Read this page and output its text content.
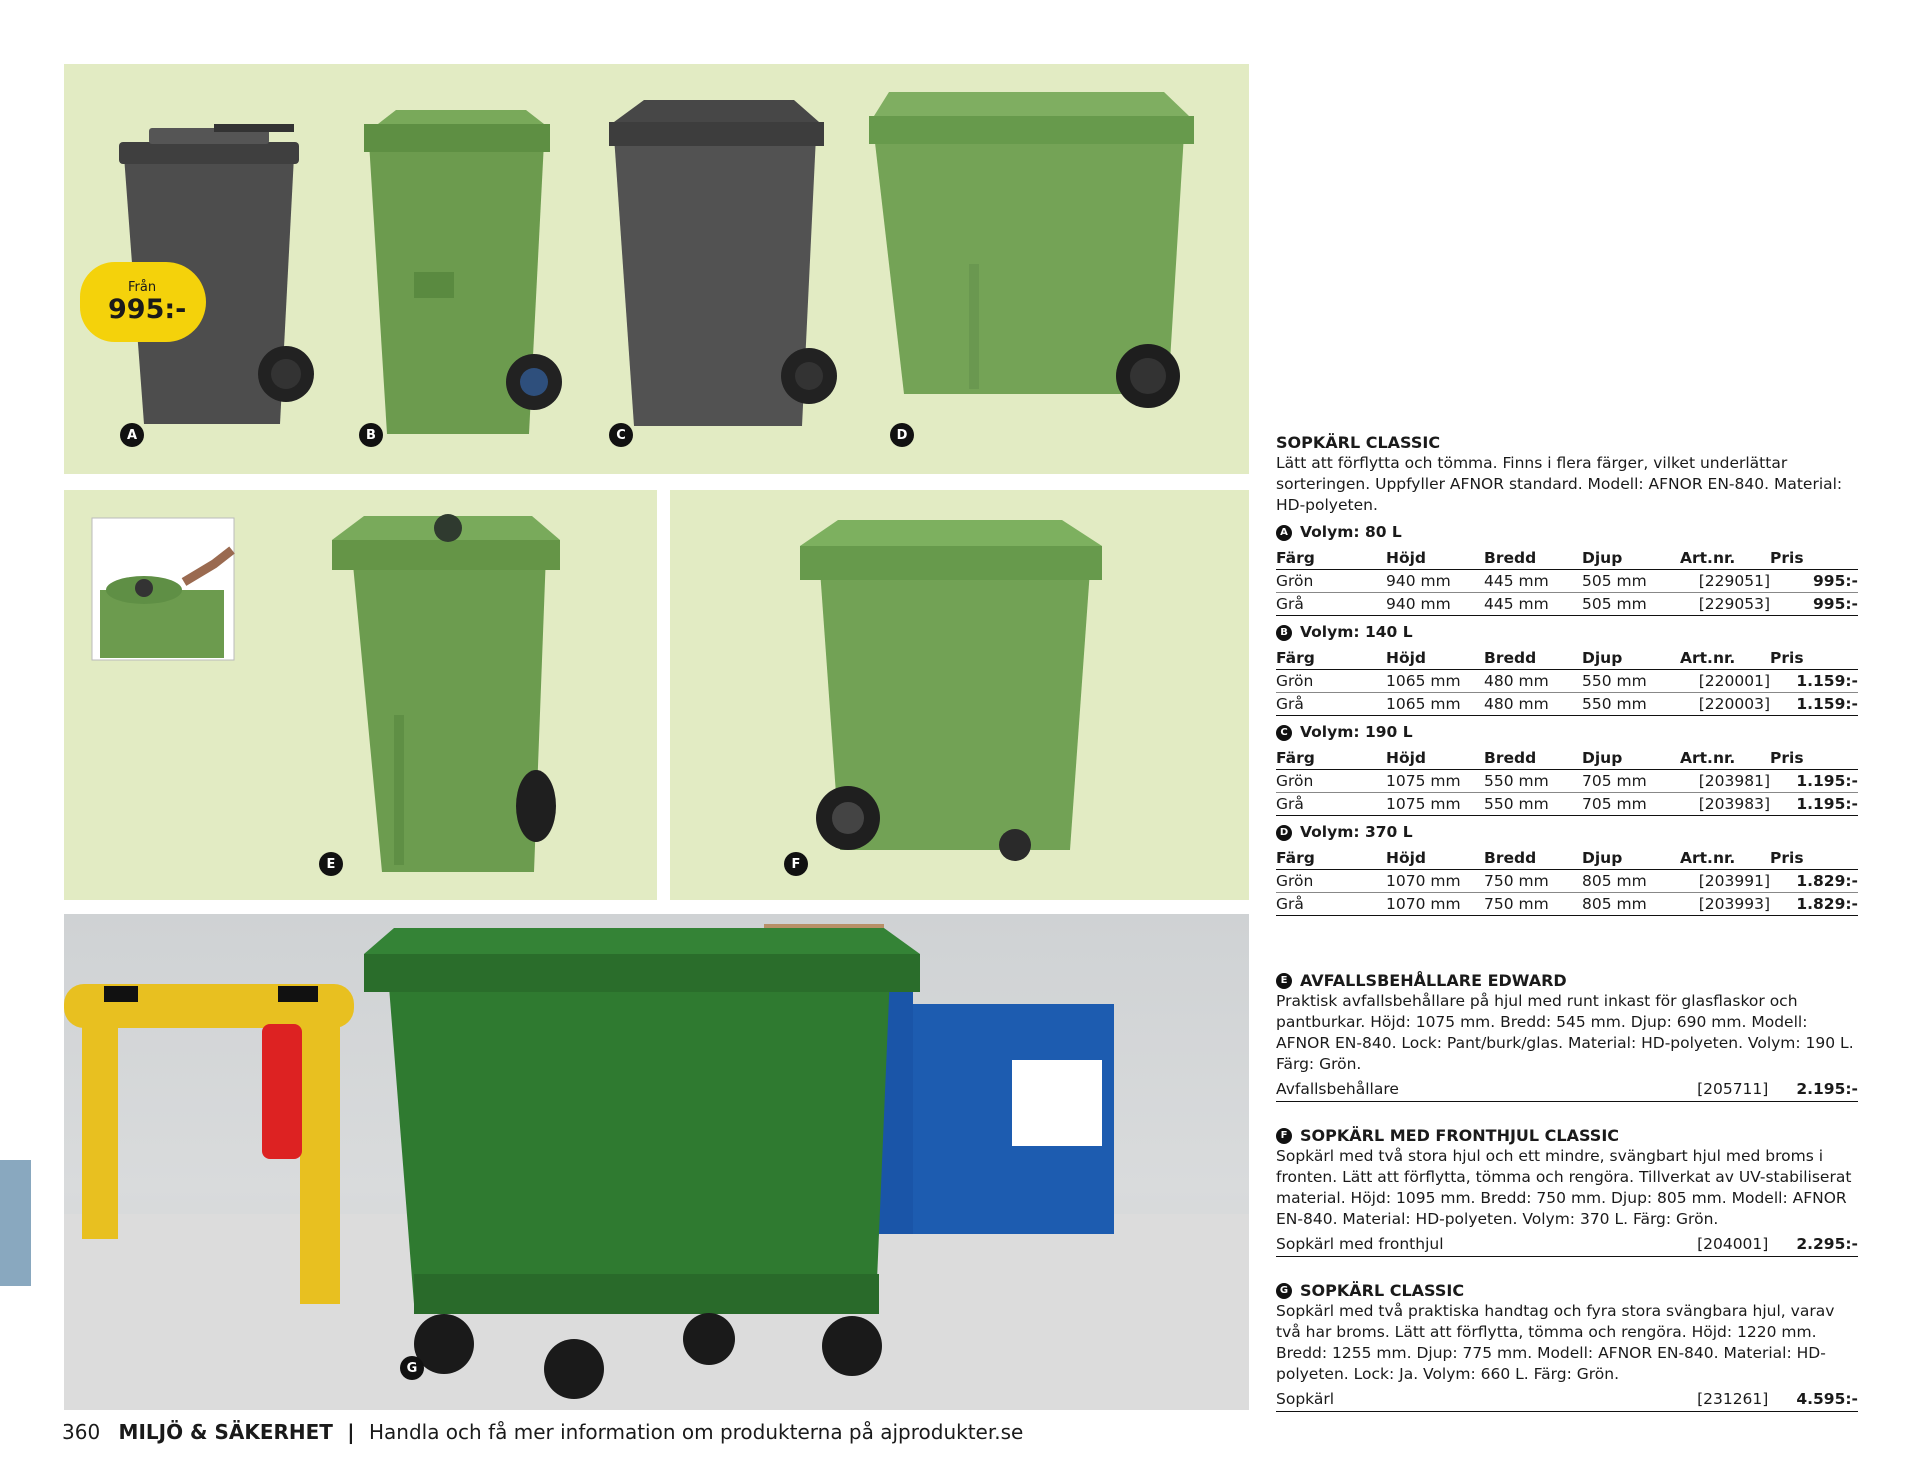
Från
995:-
A	B	C	D
E	F
G
360 MILJÖ & SÄKERHET | Handla och få mer information om produkterna på ajprodukter.se
SOPKÄRL CLASSIC
Lätt att förflytta och tömma. Finns i flera färger, vilket underlättar sorteringen. Uppfyller AFNOR standard. Modell: AFNOR EN-840. Material: HD-polyeten.
A Volym: 80 L
Färg	Höjd	Bredd	Djup	Art.nr.	Pris
Grön	940 mm	445 mm	505 mm	[229051]	995:-
Grå	940 mm	445 mm	505 mm	[229053]	995:-
B Volym: 140 L
Färg	Höjd	Bredd	Djup	Art.nr.	Pris
Grön	1065 mm	480 mm	550 mm	[220001]	1.159:-
Grå	1065 mm	480 mm	550 mm	[220003]	1.159:-
C Volym: 190 L
Färg	Höjd	Bredd	Djup	Art.nr.	Pris
Grön	1075 mm	550 mm	705 mm	[203981]	1.195:-
Grå	1075 mm	550 mm	705 mm	[203983]	1.195:-
D Volym: 370 L
Färg	Höjd	Bredd	Djup	Art.nr.	Pris
Grön	1070 mm	750 mm	805 mm	[203991]	1.829:-
Grå	1070 mm	750 mm	805 mm	[203993]	1.829:-
E AVFALLSBEHÅLLARE EDWARD
Praktisk avfallsbehållare på hjul med runt inkast för glasflaskor och pantburkar. Höjd: 1075 mm. Bredd: 545 mm. Djup: 690 mm. Modell: AFNOR EN-840. Lock: Pant/burk/glas. Material: HD-polyeten. Volym: 190 L. Färg: Grön.
Avfallsbehållare	[205711] 2.195:-
F SOPKÄRL MED FRONTHJUL CLASSIC
Sopkärl med två stora hjul och ett mindre, svängbart hjul med broms i fronten. Lätt att förflytta, tömma och rengöra. Tillverkat av UV-stabiliserat material. Höjd: 1095 mm. Bredd: 750 mm. Djup: 805 mm. Modell: AFNOR EN-840. Material: HD-polyeten. Volym: 370 L. Färg: Grön.
Sopkärl med fronthjul	[204001] 2.295:-
G SOPKÄRL CLASSIC
Sopkärl med två praktiska handtag och fyra stora svängbara hjul, varav två har broms. Lätt att förflytta, tömma och rengöra. Höjd: 1220 mm. Bredd: 1255 mm. Djup: 775 mm. Modell: AFNOR EN-840. Material: HD-polyeten. Lock: Ja. Volym: 660 L. Färg: Grön.
Sopkärl	[231261] 4.595:-
